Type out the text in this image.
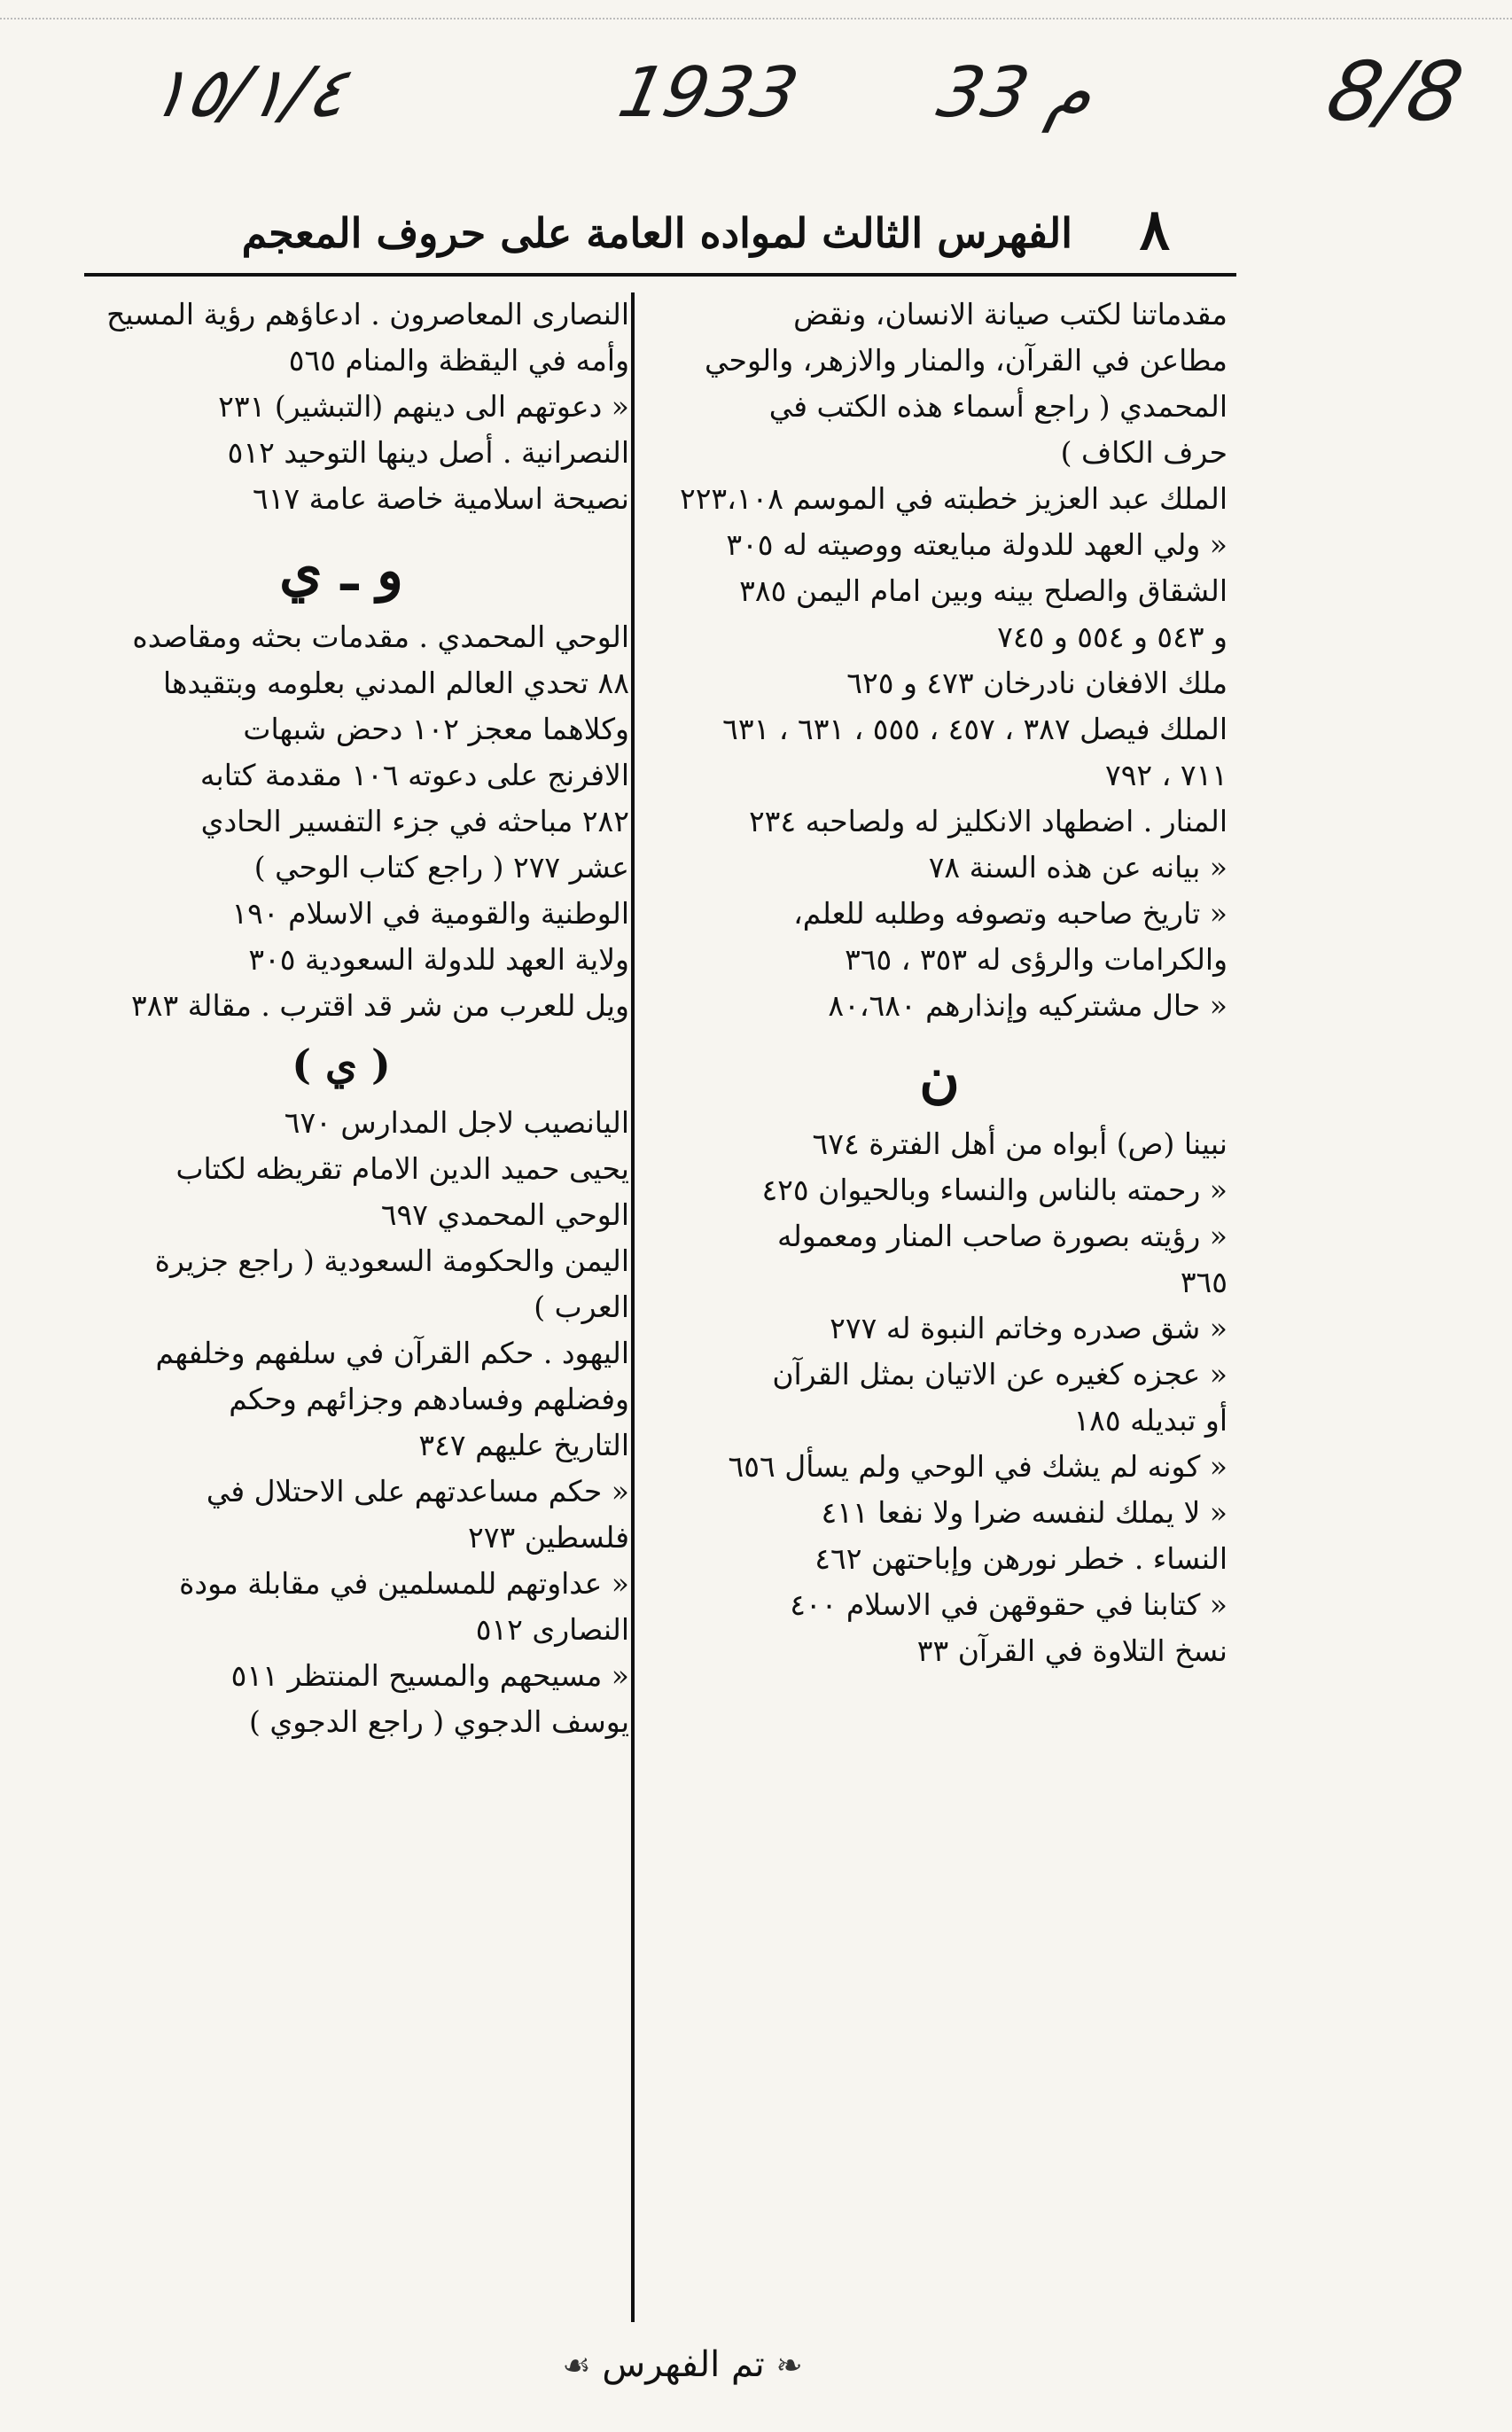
١٥/١/٤	1933 م 33	8/8
٨
الفهرس الثالث لمواده العامة على حروف المعجم
مقدماتنا لكتب صيانة الانسان، ونقض
مطاعن في القرآن، والمنار والازهر، والوحي
المحمدي ( راجع أسماء هذه الكتب في
حرف الكاف )
الملك عبد العزيز خطبته في الموسم ٢٢٣،١٠٨
« ولي العهد للدولة مبايعته ووصيته له ٣٠٥
الشقاق والصلح بينه وبين امام اليمن ٣٨٥
و ٥٤٣ و ٥٥٤ و ٧٤٥
ملك الافغان نادرخان ٤٧٣ و ٦٢٥
الملك فيصل ٣٨٧ ، ٤٥٧ ، ٥٥٥ ، ٦٣١ ، ٦٣١
٧١١ ، ٧٩٢
المنار . اضطهاد الانكليز له ولصاحبه ٢٣٤
« بيانه عن هذه السنة ٧٨
« تاريخ صاحبه وتصوفه وطلبه للعلم،
والكرامات والرؤى له ٣٥٣ ، ٣٦٥
« حال مشتركيه وإنذارهم ٨٠،٦٨٠
ن
نبينا (ص) أبواه من أهل الفترة ٦٧٤
« رحمته بالناس والنساء وبالحيوان ٤٢٥
« رؤيته بصورة صاحب المنار ومعموله
٣٦٥
« شق صدره وخاتم النبوة له ٢٧٧
« عجزه كغيره عن الاتيان بمثل القرآن
أو تبديله ١٨٥
« كونه لم يشك في الوحي ولم يسأل ٦٥٦
« لا يملك لنفسه ضرا ولا نفعا ٤١١
النساء . خطر نورهن وإباحتهن ٤٦٢
« كتابنا في حقوقهن في الاسلام ٤٠٠
نسخ التلاوة في القرآن ٣٣
النصارى المعاصرون . ادعاؤهم رؤية المسيح
وأمه في اليقظة والمنام ٥٦٥
« دعوتهم الى دينهم (التبشير) ٢٣١
النصرانية . أصل دينها التوحيد ٥١٢
نصيحة اسلامية خاصة عامة ٦١٧
و ـ ي
الوحي المحمدي . مقدمات بحثه ومقاصده
٨٨ تحدي العالم المدني بعلومه وبتقيدها
وكلاهما معجز ١٠٢ دحض شبهات
الافرنج على دعوته ١٠٦ مقدمة كتابه
٢٨٢ مباحثه في جزء التفسير الحادي
عشر ٢٧٧ ( راجع كتاب الوحي )
الوطنية والقومية في الاسلام ١٩٠
ولاية العهد للدولة السعودية ٣٠٥
ويل للعرب من شر قد اقترب . مقالة ٣٨٣
( ي )
اليانصيب لاجل المدارس ٦٧٠
يحيى حميد الدين الامام تقريظه لكتاب
الوحي المحمدي ٦٩٧
اليمن والحكومة السعودية ( راجع جزيرة
العرب )
اليهود . حكم القرآن في سلفهم وخلفهم
وفضلهم وفسادهم وجزائهم وحكم
التاريخ عليهم ٣٤٧
« حكم مساعدتهم على الاحتلال في
فلسطين ٢٧٣
« عداوتهم للمسلمين في مقابلة مودة
النصارى ٥١٢
« مسيحهم والمسيح المنتظر ٥١١
يوسف الدجوي ( راجع الدجوي )
❧ تم الفهرس ☙
